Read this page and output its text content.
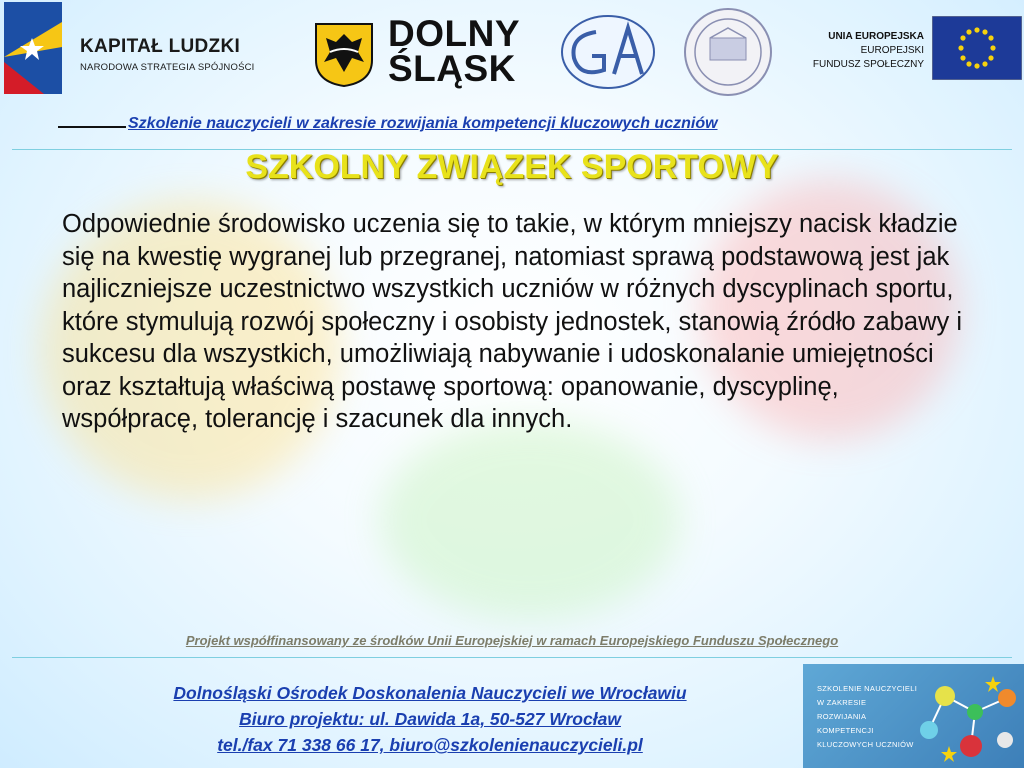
KAPITAŁ LUDZKI
NARODOWA STRATEGIA SPÓJNOŚCI
DOLNY
ŚLĄSK
UNIA EUROPEJSKA
EUROPEJSKI
FUNDUSZ SPOŁECZNY
Szkolenie nauczycieli w zakresie rozwijania kompetencji kluczowych uczniów
SZKOLNY ZWIĄZEK SPORTOWY
Odpowiednie środowisko uczenia się to takie, w którym mniejszy nacisk kładzie się na kwestię wygranej lub przegranej, natomiast sprawą podstawową jest jak najliczniejsze uczestnictwo wszystkich uczniów w różnych dyscyplinach sportu, które stymulują rozwój społeczny i osobisty jednostek, stanowią źródło zabawy i sukcesu dla wszystkich, umożliwiają nabywanie i udoskonalanie umiejętności oraz kształtują właściwą postawę sportową: opanowanie, dyscyplinę, współpracę, tolerancję i szacunek dla innych.
Projekt współfinansowany ze środków Unii Europejskiej w ramach Europejskiego Funduszu Społecznego
Dolnośląski Ośrodek Doskonalenia Nauczycieli we Wrocławiu
Biuro projektu: ul. Dawida 1a, 50-527 Wrocław
tel./fax 71 338 66 17, biuro@szkolenienauczycieli.pl
SZKOLENIE NAUCZYCIELI
W ZAKRESIE
ROZWIJANIA
KOMPETENCJI
KLUCZOWYCH UCZNIÓW
